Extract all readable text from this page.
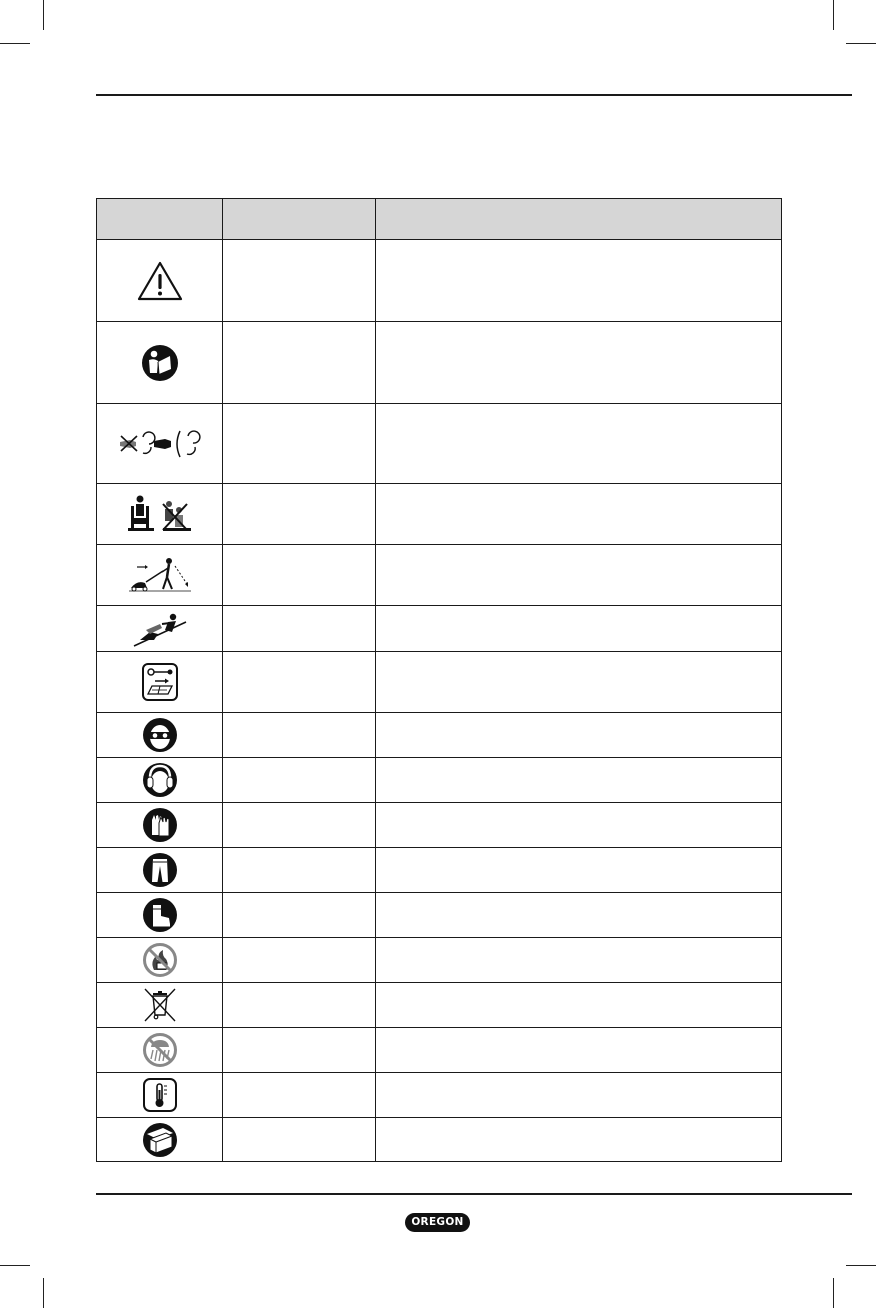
OREGON
